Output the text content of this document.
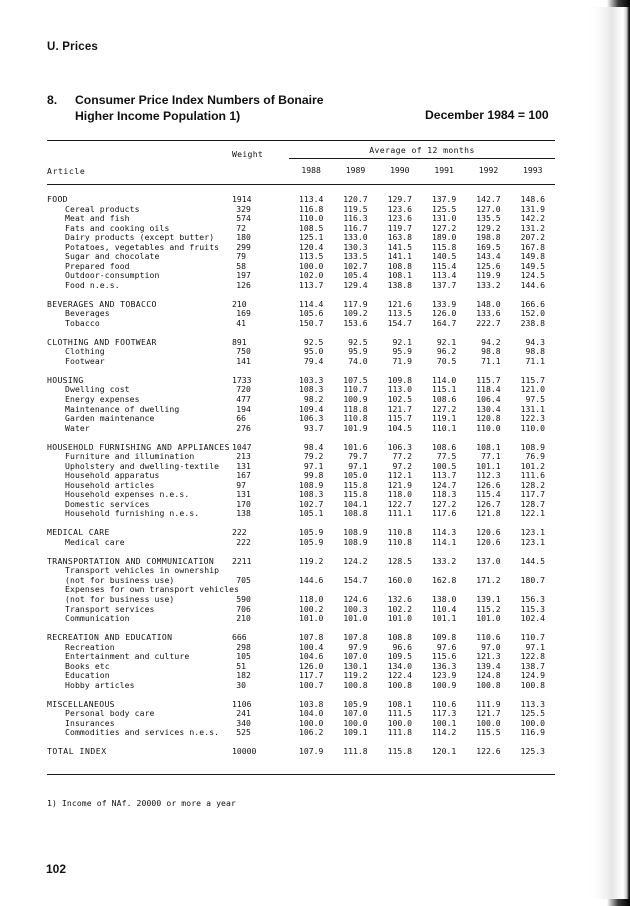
U. Prices
8. Consumer Price Index Numbers of Bonaire
Higher Income Population 1)	December 1984 = 100
Article
Weight	Average of 12 months
1988	1989	1990	1991	1992	1993
FOOD	1914	113.4	120.7	129.7	137.9	142.7	148.6
Cereal products	329	116.8	119.5	123.6	125.5	127.0	131.9
Meat and fish	574	110.0	116.3	123.6	131.0	135.5	142.2
Fats and cooking oils	72	108.5	116.7	119.7	127.2	129.2	131.2
Dairy products (except butter)	180	125.1	133.0	163.8	189.0	198.8	207.2
Potatoes, vegetables and fruits	299	120.4	130.3	141.5	115.8	169.5	167.8
Sugar and chocolate	79	113.5	133.5	141.1	140.5	143.4	149.8
Prepared food	58	100.0	102.7	108.8	115.4	125.6	149.5
Outdoor-consumption	197	102.0	105.4	108.1	113.4	119.9	124.5
Food n.e.s.	126	113.7	129.4	138.8	137.7	133.2	144.6
BEVERAGES AND TOBACCO	210	114.4	117.9	121.6	133.9	148.0	166.6
Beverages	169	105.6	109.2	113.5	126.0	133.6	152.0
Tobacco	41	150.7	153.6	154.7	164.7	222.7	238.8
CLOTHING AND FOOTWEAR	891	92.5	92.5	92.1	92.1	94.2	94.3
Clothing	750	95.0	95.9	95.9	96.2	98.8	98.8
Footwear	141	79.4	74.0	71.9	70.5	71.1	71.1
HOUSING	1733	103.3	107.5	109.8	114.0	115.7	115.7
Dwelling cost	720	108.3	110.7	113.0	115.1	118.4	121.0
Energy expenses	477	98.2	100.9	102.5	108.6	106.4	97.5
Maintenance of dwelling	194	109.4	118.8	121.7	127.2	130.4	131.1
Garden maintenance	66	106.3	110.8	115.7	119.1	120.8	122.3
Water	276	93.7	101.9	104.5	110.1	110.0	110.0
HOUSEHOLD FURNISHING AND APPLIANCES 1047	98.4	101.6	106.3	108.6	108.1	108.9
Furniture and illumination	213	79.2	79.7	77.2	77.5	77.1	76.9
Upholstery and dwelling-textile	131	97.1	97.1	97.2	100.5	101.1	101.2
Household apparatus	167	99.8	105.0	112.1	113.7	112.3	111.6
Household articles	97	108.9	115.8	121.9	124.7	126.6	128.2
Household expenses n.e.s.	131	108.3	115.8	118.0	118.3	115.4	117.7
Domestic services	170	102.7	104.1	122.7	127.2	126.7	128.7
Household furnishing n.e.s.	138	105.1	108.8	111.1	117.6	121.8	122.1
MEDICAL CARE	222	105.9	108.9	110.8	114.3	120.6	123.1
Medical care	222	105.9	108.9	110.8	114.1	120.6	123.1
TRANSPORTATION AND COMMUNICATION	2211	119.2	124.2	128.5	133.2	137.0	144.5
Transport vehicles in ownership
(not for business use)	705	144.6	154.7	160.0	162.8	171.2	180.7
Expenses for own transport vehicles
(not for business use)	590	118.0	124.6	132.6	138.0	139.1	156.3
Transport services	706	100.2	100.3	102.2	110.4	115.2	115.3
Communication	210	101.0	101.0	101.0	101.1	101.0	102.4
RECREATION AND EDUCATION	666	107.8	107.8	108.8	109.8	110.6	110.7
Recreation	298	100.4	97.9	96.6	97.6	97.0	97.1
Entertainment and culture	105	104.6	107.0	109.5	115.6	121.3	122.8
Books etc	51	126.0	130.1	134.0	136.3	139.4	138.7
Education	182	117.7	119.2	122.4	123.9	124.8	124.9
Hobby articles	30	100.7	100.8	100.8	100.9	100.8	100.8
MISCELLANEOUS	1106	103.8	105.9	108.1	110.6	111.9	113.3
Personal body care	241	104.0	107.0	111.5	117.3	121.7	125.5
Insurances	340	100.0	100.0	100.0	100.1	100.0	100.0
Commodities and services n.e.s.	525	106.2	109.1	111.8	114.2	115.5	116.9
TOTAL INDEX	10000	107.9	111.8	115.8	120.1	122.6	125.3
1) Income of NAf. 20000 or more a year
102
